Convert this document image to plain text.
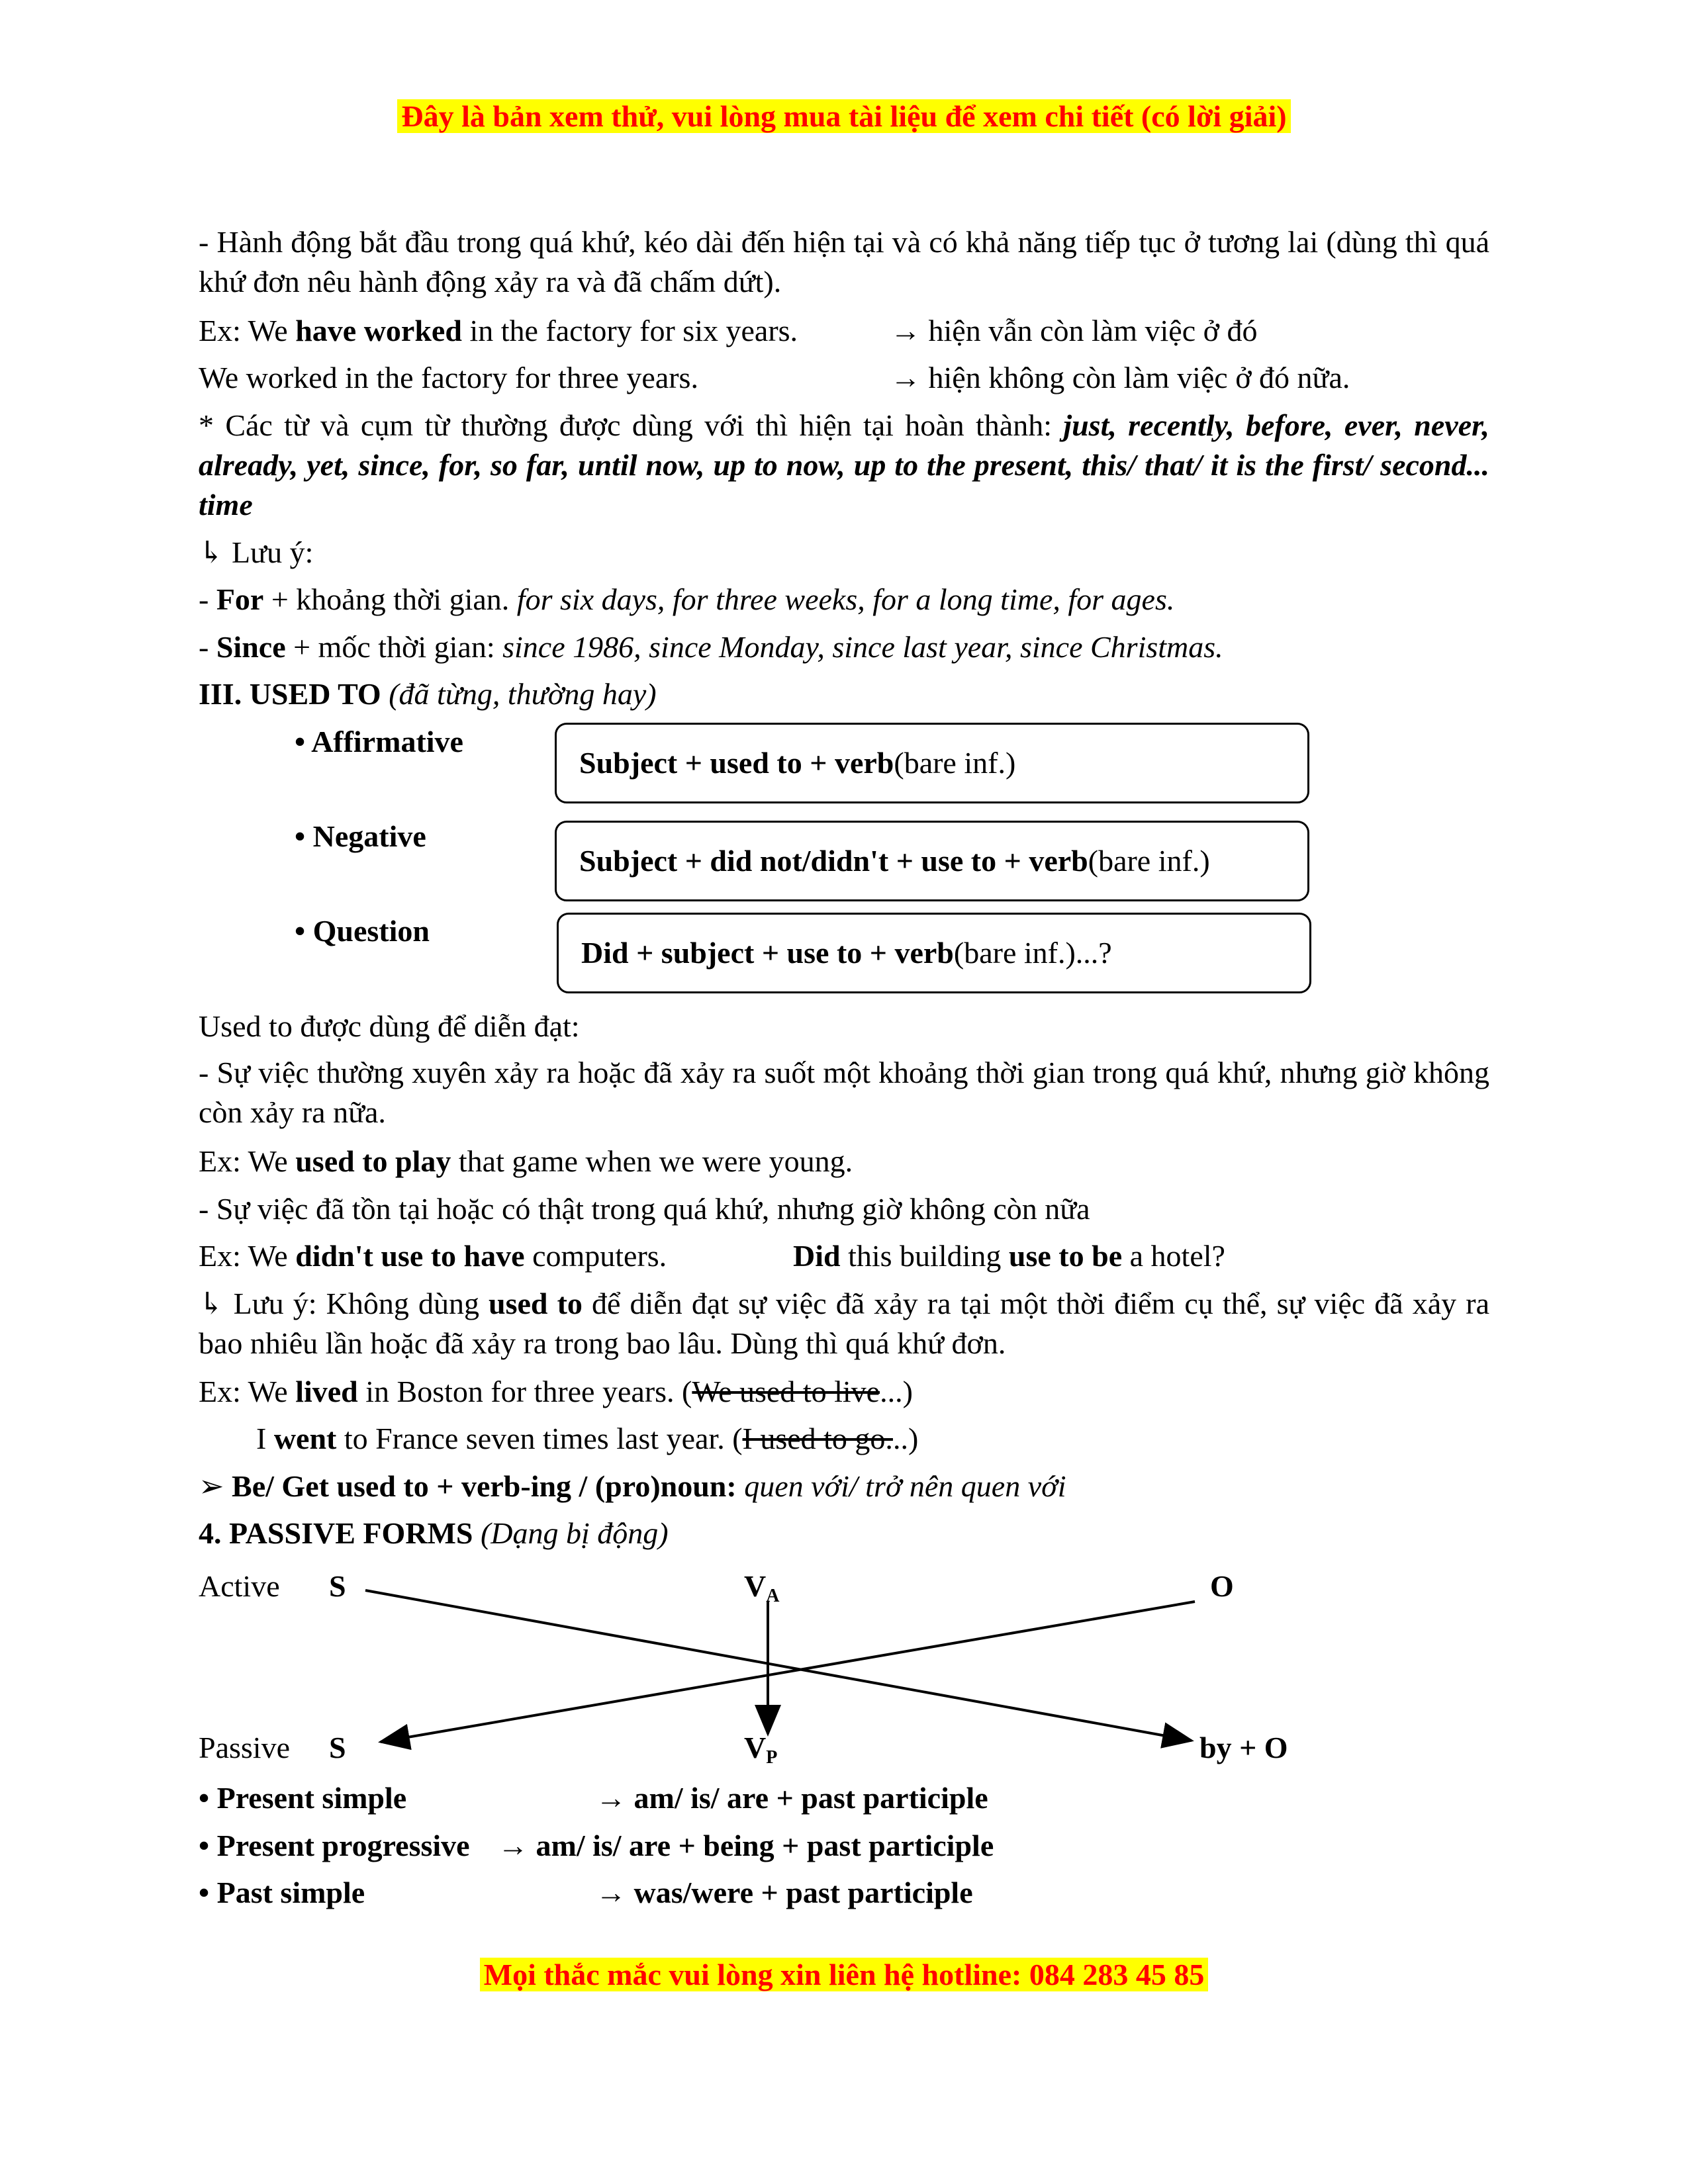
Đây là bản xem thử, vui lòng mua tài liệu để xem chi tiết (có lời giải)
- Hành động bắt đầu trong quá khứ, kéo dài đến hiện tại và có khả năng tiếp tục ở tương lai (dùng thì quá khứ đơn nêu hành động xảy ra và đã chấm dứt).
Ex: We have worked in the factory for six years.	→ hiện vẫn còn làm việc ở đó
We worked in the factory for three years.	→ hiện không còn làm việc ở đó nữa.
* Các từ và cụm từ thường được dùng với thì hiện tại hoàn thành: just, recently, before, ever, never, already, yet, since, for, so far, until now, up to now, up to the present, this/ that/ it is the first/ second... time
↳ Lưu ý:
- For + khoảng thời gian. for six days, for three weeks, for a long time, for ages.
- Since + mốc thời gian: since 1986, since Monday, since last year, since Christmas.
III. USED TO (đã từng, thường hay)
• Affirmative
Subject + used to + verb (bare inf.)
• Negative
Subject + did not/didn't + use to + verb (bare inf.)
• Question
Did + subject + use to + verb (bare inf.)...?
Used to được dùng để diễn đạt:
- Sự việc thường xuyên xảy ra hoặc đã xảy ra suốt một khoảng thời gian trong quá khứ, nhưng giờ không còn xảy ra nữa.
Ex: We used to play that game when we were young.
- Sự việc đã tồn tại hoặc có thật trong quá khứ, nhưng giờ không còn nữa
Ex: We didn't use to have computers.	Did this building use to be a hotel?
↳ Lưu ý: Không dùng used to để diễn đạt sự việc đã xảy ra tại một thời điểm cụ thể, sự việc đã xảy ra bao nhiêu lần hoặc đã xảy ra trong bao lâu. Dùng thì quá khứ đơn.
Ex: We lived in Boston for three years. (We used to live...)
I went to France seven times last year. (I used to go...)
➢ Be/ Get used to + verb-ing / (pro)noun: quen với/ trở nên quen với
4. PASSIVE FORMS (Dạng bị động)
Active S	$V_A$	O
Passive S	$V_P$	by + O
• Present simple	→ am/ is/ are + past participle
• Present progressive → am/ is/ are + being + past participle
• Past simple	→ was/were + past participle
Mọi thắc mắc vui lòng xin liên hệ hotline: 084 283 45 85
